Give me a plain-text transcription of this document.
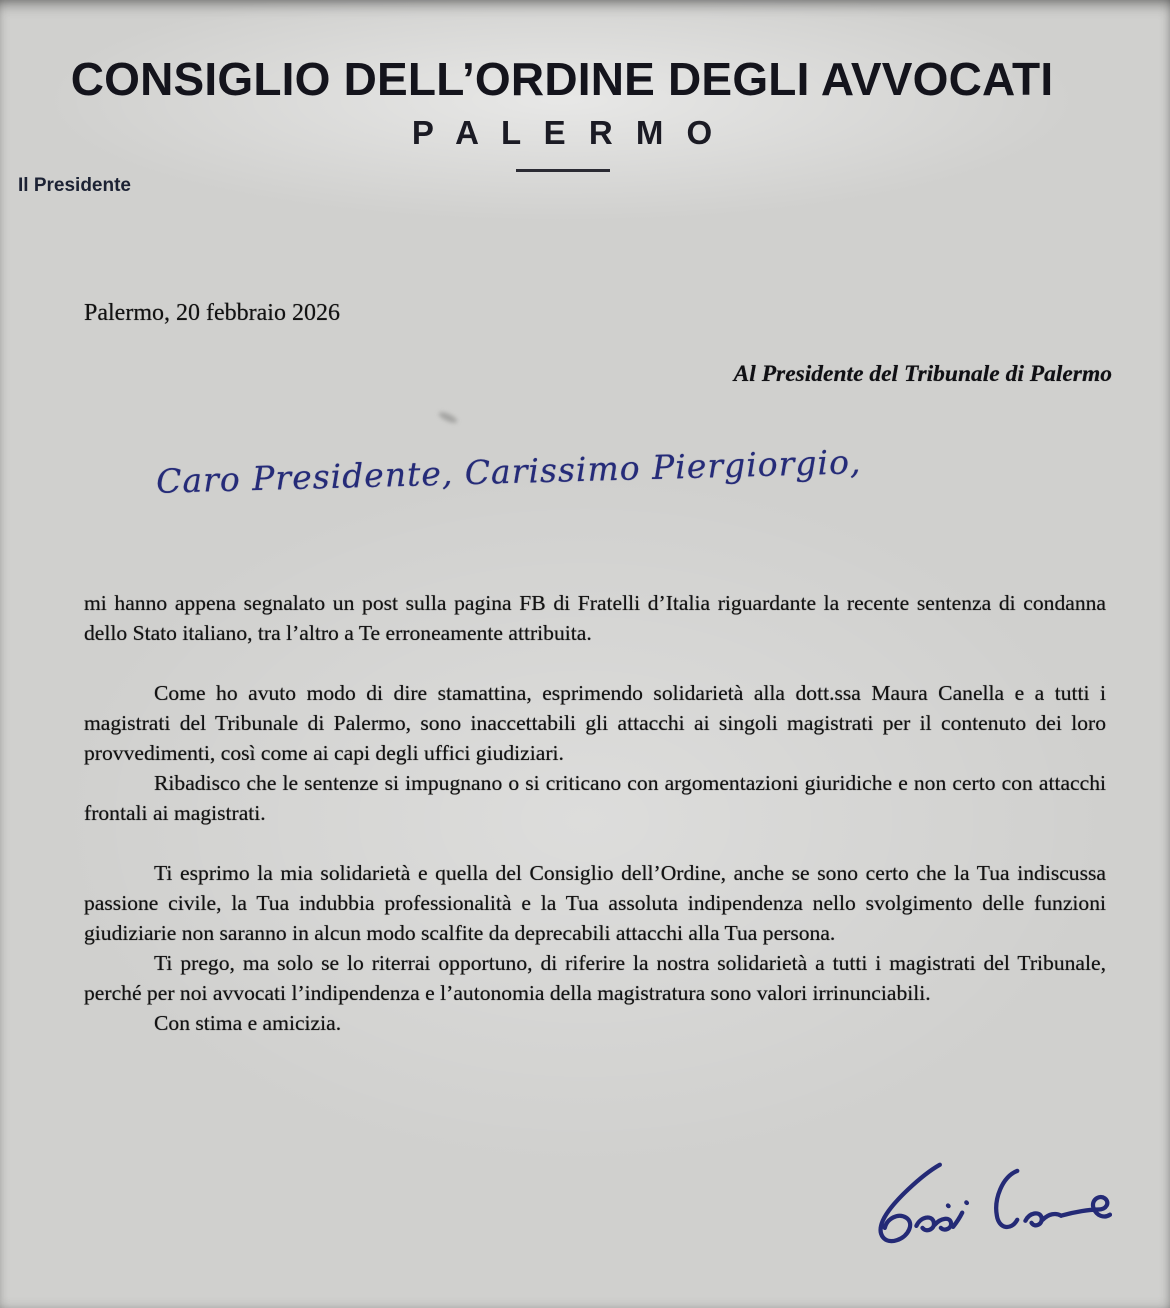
CONSIGLIO DELL’ORDINE DEGLI AVVOCATI
P A L E R M O
Il Presidente
Palermo, 20 febbraio 2026
Al Presidente del Tribunale di Palermo
Caro Presidente, Carissimo Piergiorgio,

mi hanno appena segnalato un post sulla pagina FB di Fratelli d’Italia riguardante la recente sentenza di condanna dello Stato italiano, tra l’altro a Te erroneamente attribuita.

Come ho avuto modo di dire stamattina, esprimendo solidarietà alla dott.ssa Maura Canella e a tutti i magistrati del Tribunale di Palermo, sono inaccettabili gli attacchi ai singoli magistrati per il contenuto dei loro provvedimenti, così come ai capi degli uffici giudiziari.

Ribadisco che le sentenze si impugnano o si criticano con argomentazioni giuridiche e non certo con attacchi frontali ai magistrati.

Ti esprimo la mia solidarietà e quella del Consiglio dell’Ordine, anche se sono certo che la Tua indiscussa passione civile, la Tua indubbia professionalità e la Tua assoluta indipendenza nello svolgimento delle funzioni giudiziarie non saranno in alcun modo scalfite da deprecabili attacchi alla Tua persona.

Ti prego, ma solo se lo riterrai opportuno, di riferire la nostra solidarietà a tutti i magistrati del Tribunale, perché per noi avvocati l’indipendenza e l’autonomia della magistratura sono valori irrinunciabili.

Con stima e amicizia.
